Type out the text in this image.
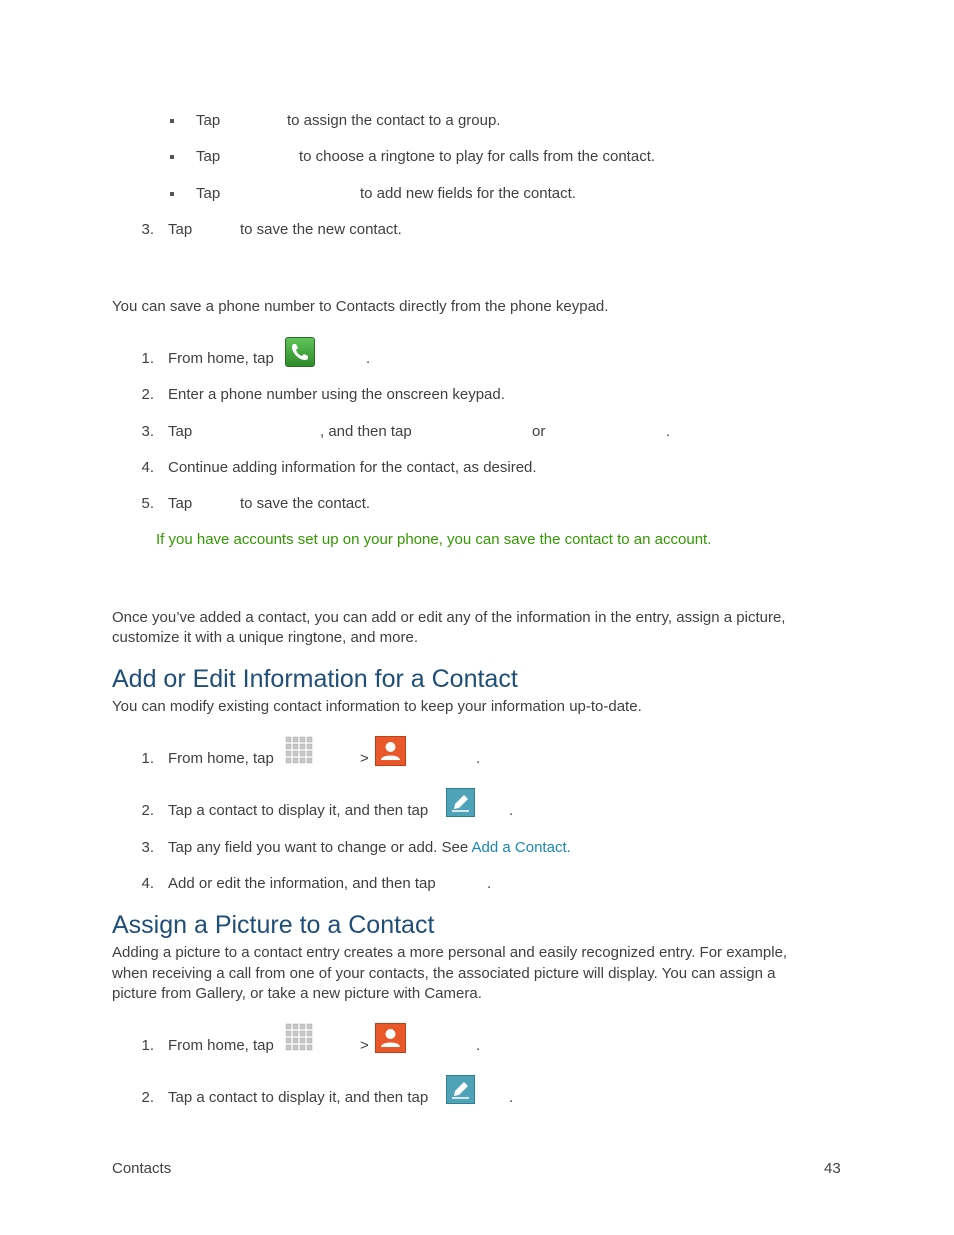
Tap	to assign the contact to a group.
Tap	to choose a ringtone to play for calls from the contact.
Tap	to add new fields for the contact.
3. Tap	to save the new contact.
You can save a phone number to Contacts directly from the phone keypad.
1. From home, tap	.
2. Enter a phone number using the onscreen keypad.
3. Tap	, and then tap	or	.
4. Continue adding information for the contact, as desired.
5. Tap	to save the contact.
If you have accounts set up on your phone, you can save the contact to an account.
Once you’ve added a contact, you can add or edit any of the information in the entry, assign a picture,
customize it with a unique ringtone, and more.
Add or Edit Information for a Contact
You can modify existing contact information to keep your information up-to-date.
1. From home, tap	>	.
2. Tap a contact to display it, and then tap	.
3. Tap any field you want to change or add. See Add a Contact.
4. Add or edit the information, and then tap	.
Assign a Picture to a Contact
Adding a picture to a contact entry creates a more personal and easily recognized entry. For example,
when receiving a call from one of your contacts, the associated picture will display. You can assign a
picture from Gallery, or take a new picture with Camera.
1. From home, tap	>	.
2. Tap a contact to display it, and then tap	.
Contacts	43
